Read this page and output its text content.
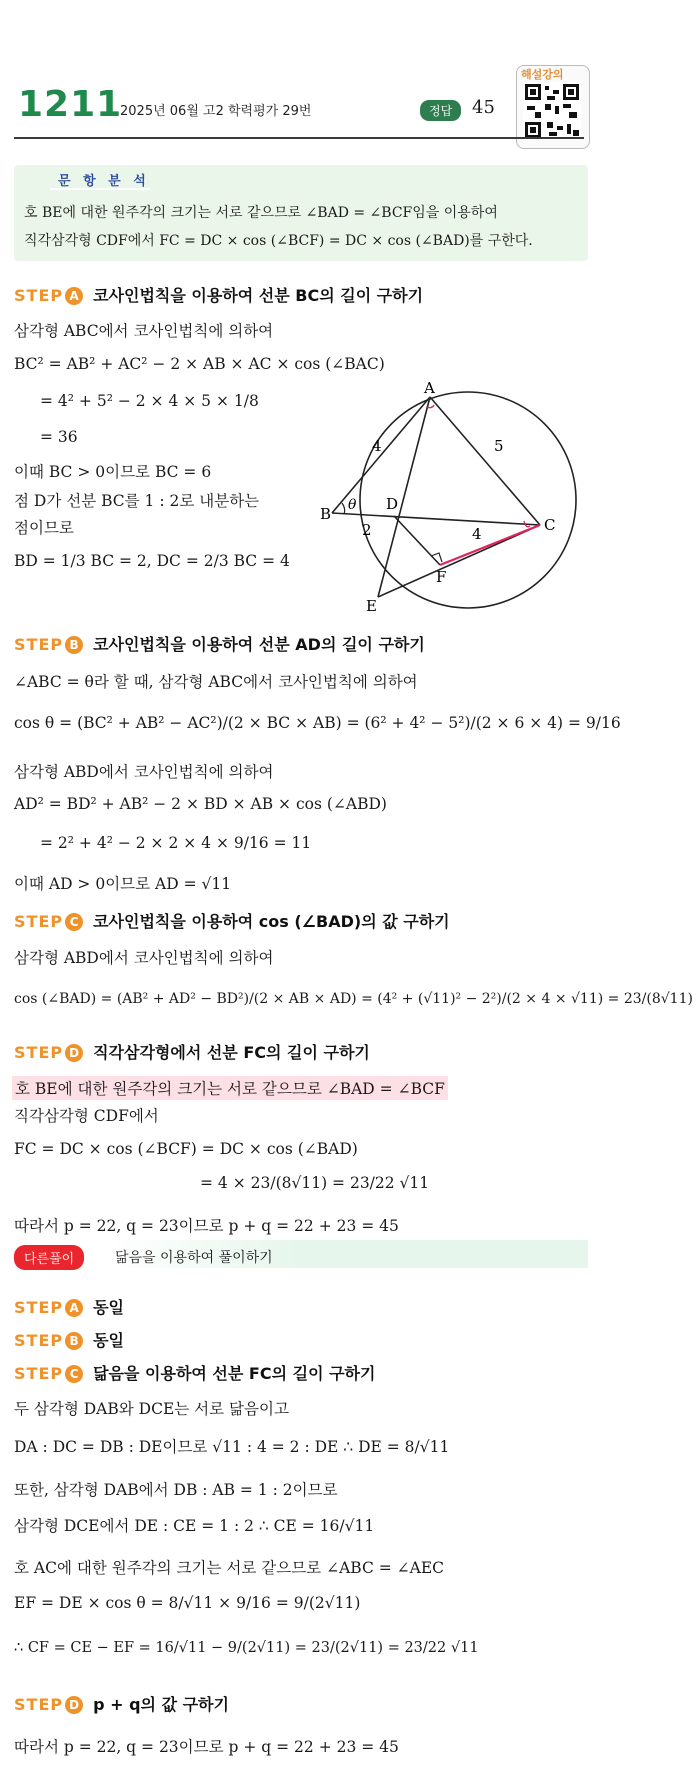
1211
2025년 06월 고2 학력평가 29번	정답	45
해설강의
문 항 분 석
호 BE에 대한 원주각의 크기는 서로 같으므로 ∠BAD = ∠BCF임을 이용하여
직각삼각형 CDF에서 FC = DC × cos (∠BCF) = DC × cos (∠BAD)를 구한다.
STEP A 코사인법칙을 이용하여 선분 BC의 길이 구하기
삼각형 ABC에서 코사인법칙에 의하여
BC² = AB² + AC² − 2 × AB × AC × cos (∠BAC)
= 4² + 5² − 2 × 4 × 5 × 1/8
= 36
이때 BC > 0이므로 BC = 6
점 D가 선분 BC를 1 : 2로 내분하는
점이므로
BD = 1/3 BC = 2, DC = 2/3 BC = 4
A
B
C
D
E
F
θ
4	5
2	4
STEP B 코사인법칙을 이용하여 선분 AD의 길이 구하기
∠ABC = θ라 할 때, 삼각형 ABC에서 코사인법칙에 의하여
cos θ = (BC² + AB² − AC²)/(2 × BC × AB) = (6² + 4² − 5²)/(2 × 6 × 4) = 9/16
삼각형 ABD에서 코사인법칙에 의하여
AD² = BD² + AB² − 2 × BD × AB × cos (∠ABD)
= 2² + 4² − 2 × 2 × 4 × 9/16 = 11
이때 AD > 0이므로 AD = √11
STEP C 코사인법칙을 이용하여 cos (∠BAD)의 값 구하기
삼각형 ABD에서 코사인법칙에 의하여
cos (∠BAD) = (AB² + AD² − BD²)/(2 × AB × AD) = (4² + (√11)² − 2²)/(2 × 4 × √11) = 23/(8√11)
STEP D 직각삼각형에서 선분 FC의 길이 구하기
호 BE에 대한 원주각의 크기는 서로 같으므로 ∠BAD = ∠BCF
직각삼각형 CDF에서
FC = DC × cos (∠BCF) = DC × cos (∠BAD)
= 4 × 23/(8√11) = 23/22 √11
따라서 p = 22, q = 23이므로 p + q = 22 + 23 = 45
다른풀이	닮음을 이용하여 풀이하기
STEP A 동일
STEP B 동일
STEP C 닮음을 이용하여 선분 FC의 길이 구하기
두 삼각형 DAB와 DCE는 서로 닮음이고
DA : DC = DB : DE이므로 √11 : 4 = 2 : DE ∴ DE = 8/√11
또한, 삼각형 DAB에서 DB : AB = 1 : 2이므로
삼각형 DCE에서 DE : CE = 1 : 2 ∴ CE = 16/√11
호 AC에 대한 원주각의 크기는 서로 같으므로 ∠ABC = ∠AEC
EF = DE × cos θ = 8/√11 × 9/16 = 9/(2√11)
∴ CF = CE − EF = 16/√11 − 9/(2√11) = 23/(2√11) = 23/22 √11
STEP D p + q의 값 구하기
따라서 p = 22, q = 23이므로 p + q = 22 + 23 = 45
